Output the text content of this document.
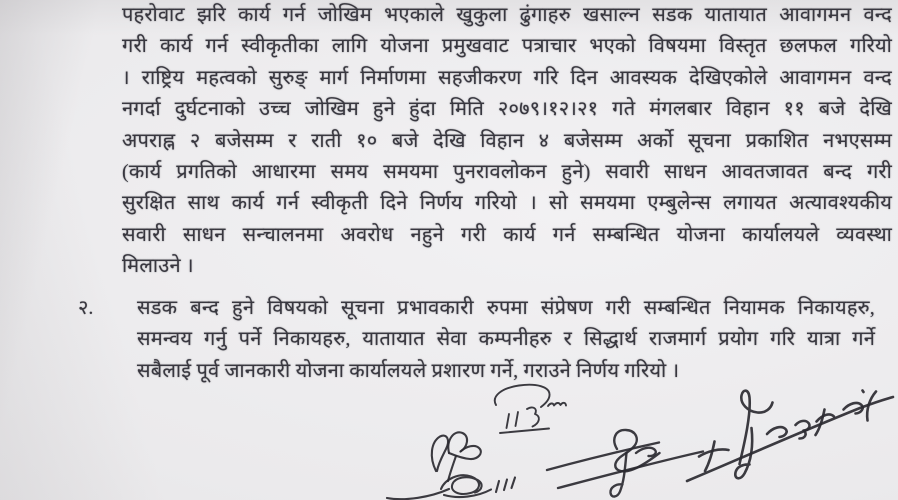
पहरोवाट झरि कार्य गर्न जोखिम भएकाले खुकुला ढुंगाहरु खसाल्न सडक यातायात आवागमन वन्द
गरी कार्य गर्न स्वीकृतीका लागि योजना प्रमुखवाट पत्राचार भएको विषयमा विस्तृत छलफल गरियो
। राष्ट्रिय महत्वको सुरुङ् मार्ग निर्माणमा सहजीकरण गरि दिन आवस्यक देखिएकोले आवागमन वन्द
नगर्दा दुर्घटनाको उच्च जोखिम हुने हुंदा मिति २०७९।१२।२१ गते मंगलबार विहान ११ बजे देखि
अपराह्न २ बजेसम्म र राती १० बजे देखि विहान ४ बजेसम्म अर्को सूचना प्रकाशित नभएसम्म
(कार्य प्रगतिको आधारमा समय समयमा पुनरावलोकन हुने) सवारी साधन आवतजावत बन्द गरी
सुरक्षित साथ कार्य गर्न स्वीकृती दिने निर्णय गरियो । सो समयमा एम्बुलेन्स लगायत अत्यावश्यकीय
सवारी साधन सन्चालनमा अवरोध नहुने गरी कार्य गर्न सम्बन्धित योजना कार्यालयले व्यवस्था
मिलाउने ।
२. सडक बन्द हुने विषयको सूचना प्रभावकारी रुपमा संप्रेषण गरी सम्बन्धित नियामक निकायहरु,
समन्वय गर्नु पर्ने निकायहरु, यातायात सेवा कम्पनीहरु र सिद्धार्थ राजमार्ग प्रयोग गरि यात्रा गर्ने
सबैलाई पूर्व जानकारी योजना कार्यालयले प्रशारण गर्ने, गराउने निर्णय गरियो ।
